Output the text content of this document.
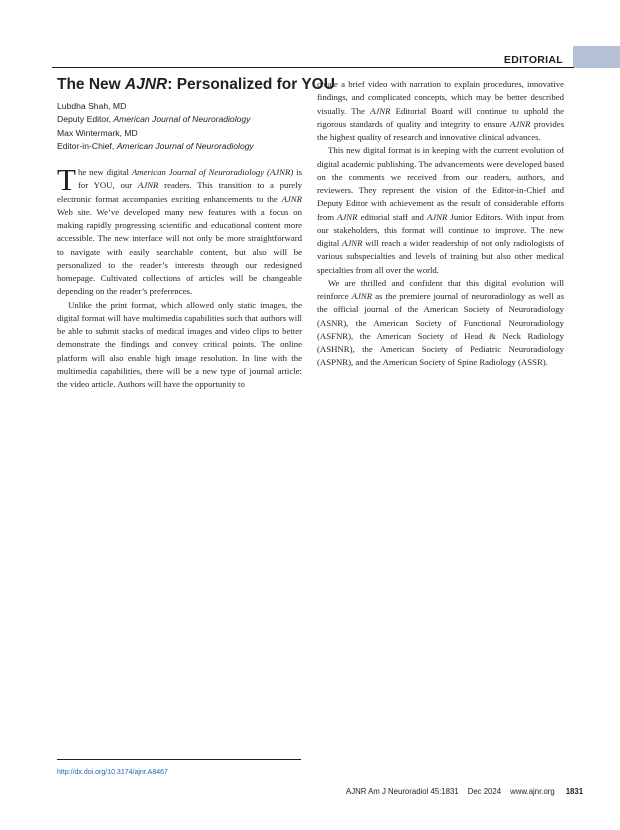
EDITORIAL
The New AJNR: Personalized for YOU
Lubdha Shah, MD
Deputy Editor, American Journal of Neuroradiology
Max Wintermark, MD
Editor-in-Chief, American Journal of Neuroradiology

The new digital American Journal of Neuroradiology (AJNR) is for YOU, our AJNR readers. This transition to a purely electronic format accompanies exciting enhancements to the AJNR Web site. We’ve developed many new features with a focus on making rapidly progressing scientific and educational content more accessible. The new interface will not only be more straightforward to navigate with easily searchable content, but also will be personalized to the reader’s interests through our redesigned homepage. Cultivated collections of articles will be changeable depending on the reader’s preferences.

Unlike the print format, which allowed only static images, the digital format will have multimedia capabilities such that authors will be able to submit stacks of medical images and video clips to better demonstrate the findings and convey critical points. The online platform will also enable high image resolution. In line with the multimedia capabilities, there will be a new type of journal article: the video article. Authors will have the opportunity to

create a brief video with narration to explain procedures, innovative findings, and complicated concepts, which may be better described visually. The AJNR Editorial Board will continue to uphold the rigorous standards of quality and integrity to ensure AJNR provides the highest quality of research and innovative clinical advances.

This new digital format is in keeping with the current evolution of digital academic publishing. The advancements were developed based on the comments we received from our readers, authors, and reviewers. They represent the vision of the Editor-in-Chief and Deputy Editor with achievement as the result of considerable efforts from AJNR editorial staff and AJNR Junior Editors. With input from our stakeholders, this format will continue to improve. The new digital AJNR will reach a wider readership of not only radiologists of various subspecialties and levels of training but also other medical specialties from all over the world.

We are thrilled and confident that this digital evolution will reinforce AJNR as the premiere journal of neuroradiology as well as the official journal of the American Society of Neuroradiology (ASNR), the American Society of Functional Neuroradiology (ASFNR), the American Society of Head & Neck Radiology (ASHNR), the American Society of Pediatric Neuroradiology (ASPNR), and the American Society of Spine Radiology (ASSR).

http://dx.doi.org/10.3174/ajnr.A8467
AJNR Am J Neuroradiol 45:1831 Dec 2024 www.ajnr.org 1831
